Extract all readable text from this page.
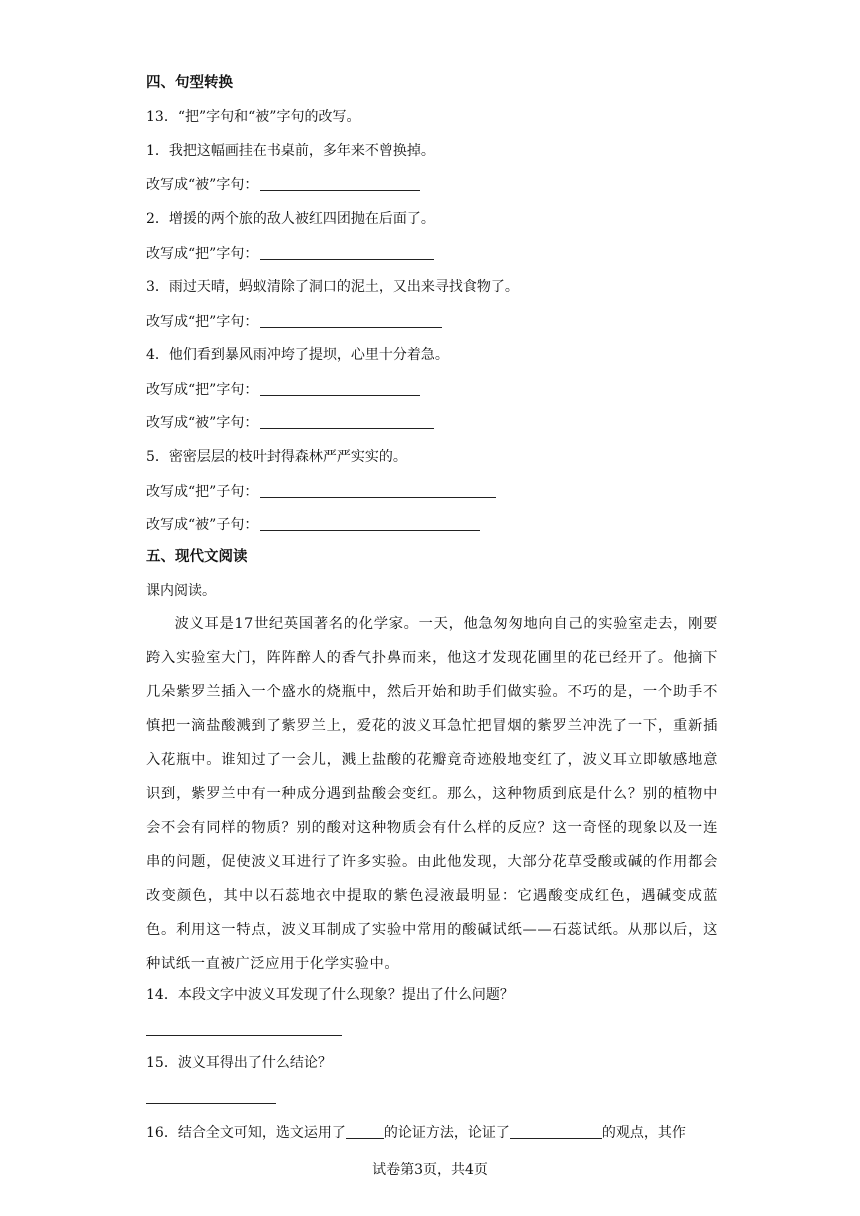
四、句型转换
13．“把”字句和“被”字句的改写。
1．我把这幅画挂在书桌前，多年来不曾换掉。
改写成“被”字句：
2．增援的两个旅的敌人被红四团抛在后面了。
改写成“把”字句：
3．雨过天晴，蚂蚁清除了洞口的泥土，又出来寻找食物了。
改写成“把”字句：
4．他们看到暴风雨冲垮了提坝，心里十分着急。
改写成“把”字句：
改写成“被”字句：
5．密密层层的枝叶封得森林严严实实的。
改写成“把”子句：
改写成“被”子句：
五、现代文阅读
课内阅读。
波义耳是17世纪英国著名的化学家。一天，他急匆匆地向自己的实验室走去，刚要跨入实验室大门，阵阵醉人的香气扑鼻而来，他这才发现花圃里的花已经开了。他摘下几朵紫罗兰插入一个盛水的烧瓶中，然后开始和助手们做实验。不巧的是，一个助手不慎把一滴盐酸溅到了紫罗兰上，爱花的波义耳急忙把冒烟的紫罗兰冲洗了一下，重新插入花瓶中。谁知过了一会儿，溅上盐酸的花瓣竟奇迹般地变红了，波义耳立即敏感地意识到，紫罗兰中有一种成分遇到盐酸会变红。那么，这种物质到底是什么？别的植物中会不会有同样的物质？别的酸对这种物质会有什么样的反应？这一奇怪的现象以及一连串的问题，促使波义耳进行了许多实验。由此他发现，大部分花草受酸或碱的作用都会改变颜色，其中以石蕊地衣中提取的紫色浸液最明显：它遇酸变成红色，遇碱变成蓝色。利用这一特点，波义耳制成了实验中常用的酸碱试纸——石蕊试纸。从那以后，这种试纸一直被广泛应用于化学实验中。
14．本段文字中波义耳发现了什么现象？提出了什么问题？
15．波义耳得出了什么结论？
16．结合全文可知，选文运用了	的论证方法，论证了	的观点，其作
试卷第3页，共4页
